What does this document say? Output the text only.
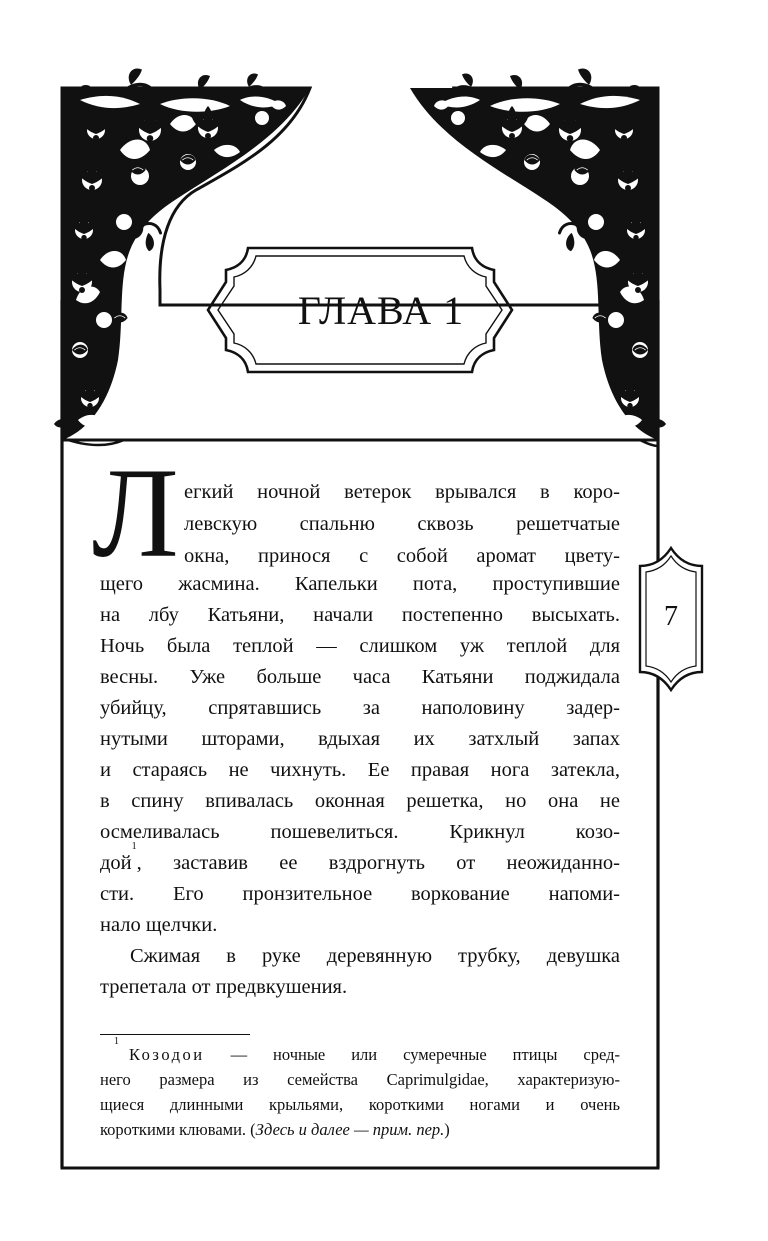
ГЛАВА 1
Л егкий ночной ветерок врывался в коро-
левскую спальню сквозь решетчатые
окна, принося с собой аромат цвету-
щего жасмина. Капельки пота, проступившие
на лбу Катьяни, начали постепенно высыхать.
Ночь была теплой — слишком уж теплой для
весны. Уже больше часа Катьяни поджидала
убийцу, спрятавшись за наполовину задер-
нутыми шторами, вдыхая их затхлый запах
и стараясь не чихнуть. Ее правая нога затекла,
в спину впивалась оконная решетка, но она не
осмеливалась пошевелиться. Крикнул козо-
дой
1
, заставив ее вздрогнуть от неожиданно-
сти. Его пронзительное воркование напоми-
нало щелчки.
Сжимая в руке деревянную трубку, девушка
трепетала от предвкушения.
1
Козодои — ночные или сумеречные птицы сред-
него размера из семейства Caprimulgidae, характеризую-
щиеся длинными крыльями, короткими ногами и очень
короткими клювами. (Здесь и далее — прим. пер.)
7
